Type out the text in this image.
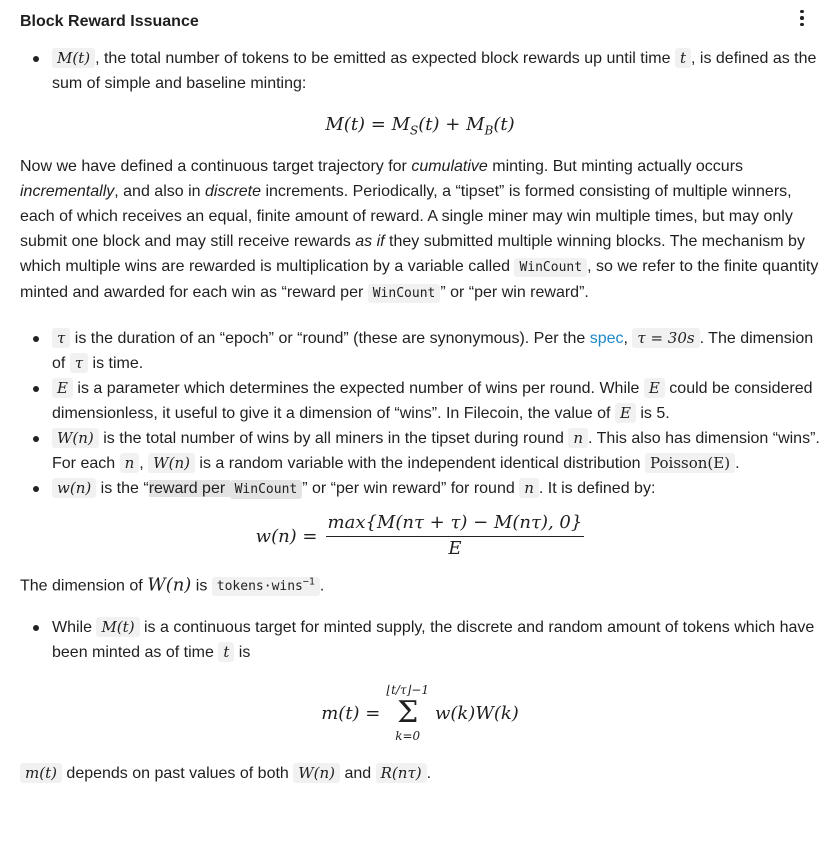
Block Reward Issuance
M(t) , the total number of tokens to be emitted as expected block rewards up until time t , is defined as the sum of simple and baseline minting:
$M(t) = M_S(t) + M_B(t)$

Now we have defined a continuous target trajectory for cumulative minting. But minting actually occurs incrementally, and also in discrete increments. Periodically, a “tipset” is formed consisting of multiple winners, each of which receives an equal, finite amount of reward. A single miner may win multiple times, but may only submit one block and may still receive rewards as if they submitted multiple winning blocks. The mechanism by which multiple wins are rewarded is multiplication by a variable called WinCount , so we refer to the finite quantity minted and awarded for each win as “reward per WinCount ” or “per win reward”.

τ is the duration of an “epoch” or “round” (these are synonymous). Per the spec, τ = 30s . The dimension of τ is time.
E is a parameter which determines the expected number of wins per round. While E could be considered dimensionless, it useful to give it a dimension of “wins”. In Filecoin, the value of E is 5.
W(n) is the total number of wins by all miners in the tipset during round n . This also has dimension “wins”. For each n , W(n) is a random variable with the independent identical distribution Poisson(E) .
w(n) is the “reward per WinCount ” or “per win reward” for round n . It is defined by:
$w(n) = \frac{\max\{M(n\tau + \tau) - M(n\tau), 0\}}{E}$

The dimension of W(n) is tokens·wins$^{-1}$ .

While M(t) is a continuous target for minted supply, the discrete and random amount of tokens which have been minted as of time t is
m(t) =
⌊t/τ⌋−1
Σ
k=0
w(k)W(k)

m(t) depends on past values of both W(n) and R(nτ) .
